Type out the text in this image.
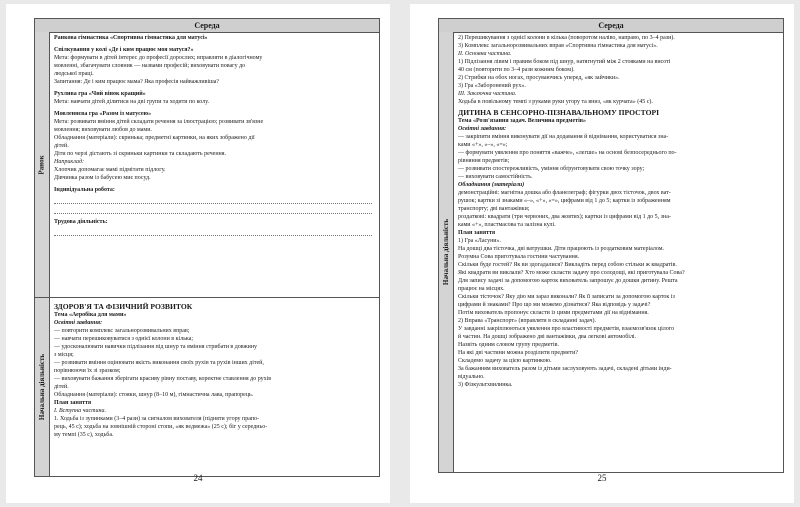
Середа
Ранок

Ранкова гімнастика «Спортивна гімнастика для матусі»

Спілкування у колі «Де і ким працює моя матуся?»

Мета: формувати в дітей інтерес до професії дорослих; вправляти в діалогічному

мовленні, збагачувати словник — назвами професій; виховувати повагу до

людської праці.

Запитання: Де і ким працює мама? Яка професія найважливіша?

Рухлива гра «Чий вінок кращий»

Мета: навчати дітей ділитися на дві групи та ходити по колу.

Мовленнєва гра «Разом із матусею»

Мета: розвивати вміння дітей складати речення за ілюстрацією; розвивати зв'язне

мовлення; виховувати любов до мами.

Обладнання (матеріали): скринька; предметні картинки, на яких зображено дії

дітей.

Діти по черзі дістають зі скриньки картинки та складають речення.

Наприклад:

Хлопчик допомагає мамі підмітати підлогу.

Дівчинка разом із бабусею миє посуд.

Індивідуальна робота:

Трудова діяльність:

Начальна діяльність

ЗДОРОВ'Я ТА ФІЗИЧНИЙ РОЗВИТОК

Тема «Аеробіка для мами»

Освітні завдання:

— повторити комплекс загальнорозвивальних вправ;

— навчати перешиковуватися з однієї колони в кілька;

— удосконалювати навички підлізання під шнур та вміння стрибати в довжину

з місця;

— розвивати вміння оцінювати якість виконання своїх рухів та рухів інших дітей,

порівнюючи їх зі зразком;

— виховувати бажання зберігати красиву рівну поставу, коректне ставлення до рухів

дітей.

Обладнання (матеріали): стояки, шнур (8–10 м), гімнастична лава, прапорець.

План заняття

I. Вступна частина.

1. Ходьба із зупинками (3–4 рази) за сигналом вихователя (підняти угору прапо-

рець, 45 с); ходьба на зовнішній стороні стопи, «як ведмежа» (25 с); біг у середньо-

му темпі (35 с), ходьба.

24
Середа
Начальна діяльність

2) Перешикування з однієї колони в кілька (поворотом наліво, направо, по 3–4 рази).

3) Комплекс загальнорозвивальних вправ «Спортивна гімнастика для матусі».

II. Основна частина.

1) Підлізання лівим і правим боком під шнур, натягнутий між 2 стояками на висоті

40 см (повторити по 3–4 рази кожним боком).

2) Стрибки на обох ногах, просуваючись уперед, «як зайчики».

3) Гра «Заборонений рух».

III. Заключна частина.

Ходьба в повільному темпі з руками руки угору та вниз, «як курчата» (45 с).

ДИТИНА В СЕНСОРНО-ПІЗНАВАЛЬНОМУ ПРОСТОРІ

Тема «Розв'язання задач. Величина предметів»

Освітні завдання:

— закріпити вміння виконувати дії на додавання й віднімання, користуватися зна-

ками «+», «–», «=»;

— формувати уявлення про поняття «важче», «легше» на основі безпосереднього по-

рівняння предметів;

— розвивати спостережливість, уміння обґрунтовувати свою точку зору;

— виховувати самостійність.

Обладнання (матеріали)

демонстраційні: магнітна дошка або фланелеграф; фігурки двох тісточок, двох ват-

рушок; картки зі знаками «–», «+», «=», цифрами від 1 до 5; картки із зображенням

транспорту; дві вантажівки;

роздаткові: квадрати (три червоних, два жовтих); картки із цифрами від 1 до 5, зна-

ками «+», пластмасова та залізна кулі.

План заняття

1) Гра «Ласуни».

На дошці два тісточка, дві ватрушки. Діти працюють із роздатковим матеріалом.

Розумна Сова приготувала гостини частування.

Скільки буде гостей? Як ви здогадалися? Викладіть перед собою стільки ж квадратів.

Які квадрати ви виклали? Хто може скласти задачу про солодощі, які приготувала Сова?

Для запису задачі за допомогою карток вихователь запрошує до дошки дитину. Решта

працює на місцях.

Скільки тісточок? Яку дію ми зараз виконали? Як її записати за допомогою карток із

цифрами й знаками? Про що ми можемо дізнатися? Яка відповідь у задачі?

Потім вихователь пропонує скласти із цими предметами дії на віднімання.

2) Вправа «Транспорт» (вправляти в складанні задач).

У завданні закріплюються уявлення про властивості предметів, взаємозв'язок цілого

й частин. На дошці зображено дві вантажівки, два легкові автомобілі.

Назвіть одним словом групу предметів.

На які дві частини можна розділити предмети?

Складемо задачу за цією картинкою.

За бажанням вихователь разом із дітьми заслуховують задачі, складені дітьми інди-

відуально.

3) Фізкультхвилинка.

25
